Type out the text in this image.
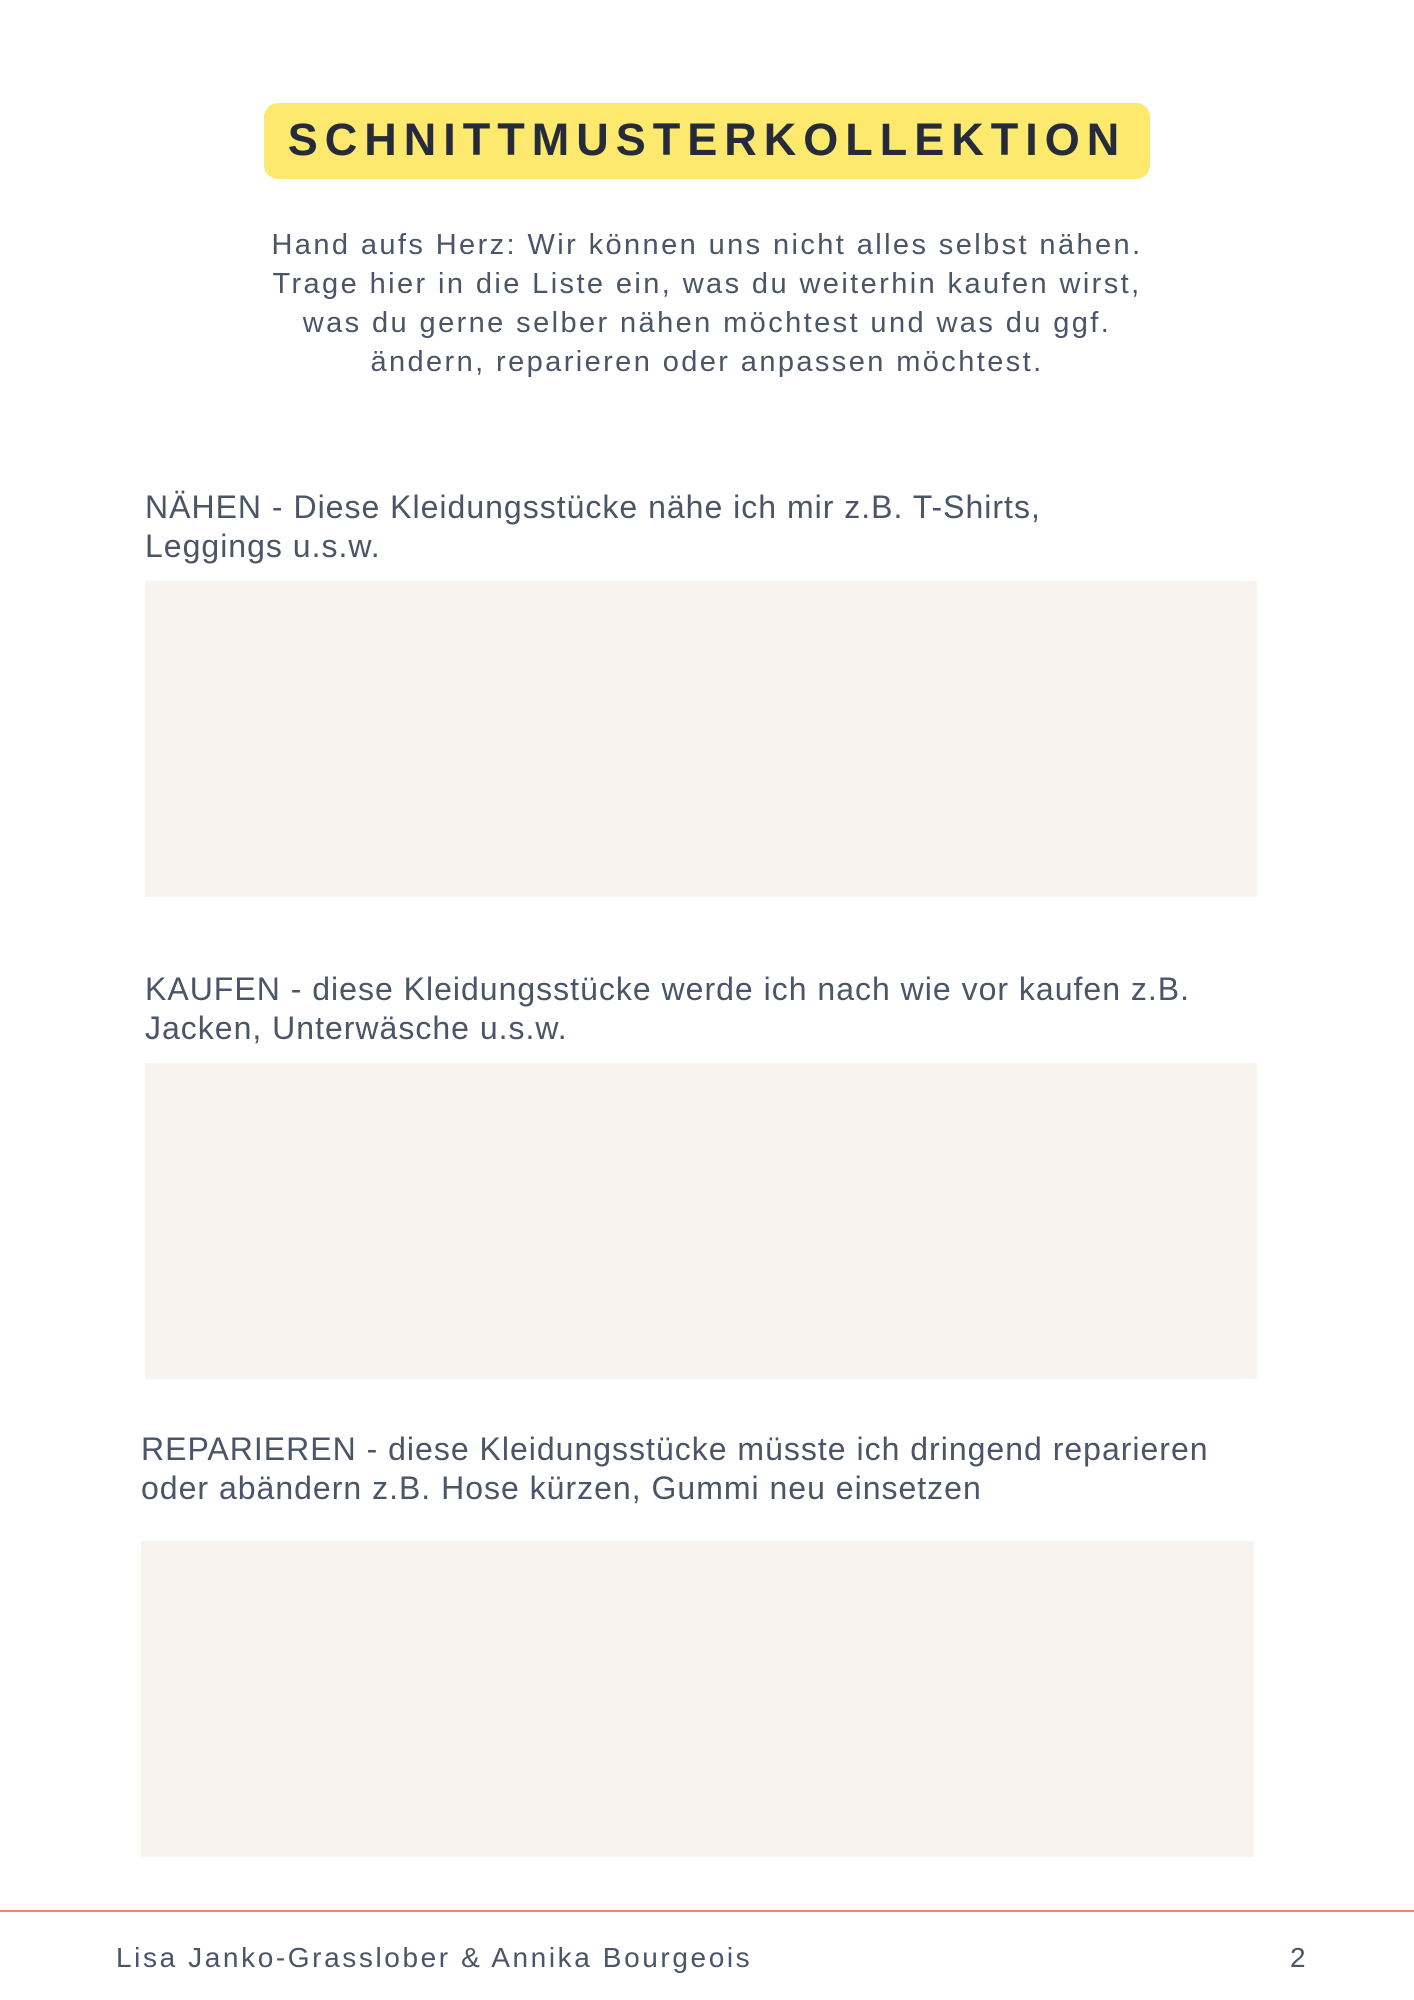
SCHNITTMUSTERKOLLEKTION
Hand aufs Herz: Wir können uns nicht alles selbst nähen.
Trage hier in die Liste ein, was du weiterhin kaufen wirst,
was du gerne selber nähen möchtest und was du ggf.
ändern, reparieren oder anpassen möchtest.
NÄHEN - Diese Kleidungsstücke nähe ich mir z.B. T-Shirts,
Leggings u.s.w.
KAUFEN - diese Kleidungsstücke werde ich nach wie vor kaufen z.B.
Jacken, Unterwäsche u.s.w.
REPARIEREN - diese Kleidungsstücke müsste ich dringend reparieren
oder abändern z.B. Hose kürzen, Gummi neu einsetzen
Lisa Janko-Grasslober & Annika Bourgeois	2
